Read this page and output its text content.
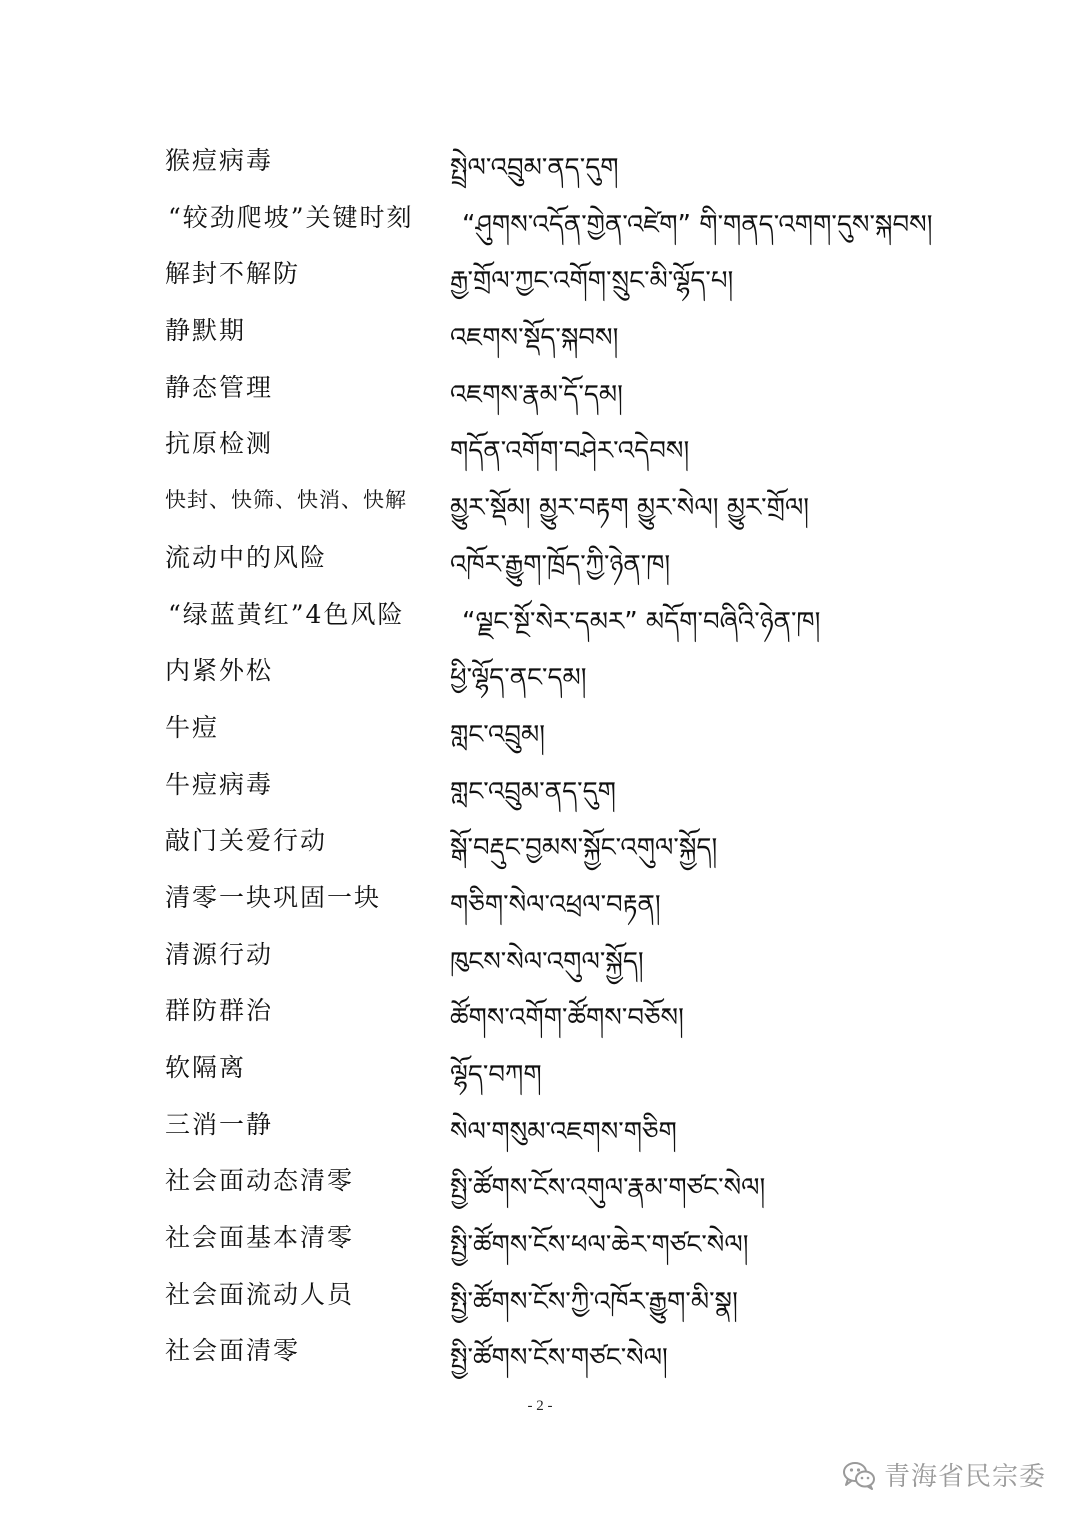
猴痘病毒	སྤྲེལ་འབྲུམ་ནད་དུག
“较劲爬坡”关键时刻 “ཤུགས་འདོན་གྱེན་འཛེག” གི་གནད་འགག་དུས་སྐབས།
解封不解防	རྒྱ་གྲོལ་ཀྱང་འགོག་སྲུང་མི་ལྷོད་པ།
静默期	འཇགས་སྡོད་སྐབས།
静态管理	འཇགས་རྣམ་དོ་དམ།
抗原检测	གདོན་འགོག་བཤེར་འདེབས།
快封、快筛、快消、快解 མྱུར་སྡོམ། མྱུར་བརྟག མྱུར་སེལ། མྱུར་གྲོལ།
流动中的风险	འཁོར་རྒྱུག་ཁྲོད་ཀྱི་ཉེན་ཁ།
“绿蓝黄红”4色风险 “ལྗང་སྔོ་སེར་དམར” མདོག་བཞིའི་ཉེན་ཁ།
内紧外松	ཕྱི་ལྷོད་ནང་དམ།
牛痘	གླང་འབྲུམ།
牛痘病毒	གླང་འབྲུམ་ནད་དུག
敲门关爱行动	སྒོ་བརྡུང་བྱམས་སྐྱོང་འགུལ་སྐྱོད།
清零一块巩固一块	གཅིག་སེལ་འཕྲལ་བརྟན།
清源行动	ཁུངས་སེལ་འགུལ་སྐྱོད།
群防群治	ཚོགས་འགོག་ཚོགས་བཅོས།
软隔离	ལྷོད་བཀག
三消一静	སེལ་གསུམ་འཇགས་གཅིག
社会面动态清零	སྤྱི་ཚོགས་ངོས་འགུལ་རྣམ་གཙང་སེལ།
社会面基本清零	སྤྱི་ཚོགས་ངོས་ཕལ་ཆེར་གཙང་སེལ།
社会面流动人员	སྤྱི་ཚོགས་ངོས་ཀྱི་འཁོར་རྒྱུག་མི་སྣ།
社会面清零	སྤྱི་ཚོགས་ངོས་གཙང་སེལ།
- 2 -
青海省民宗委
